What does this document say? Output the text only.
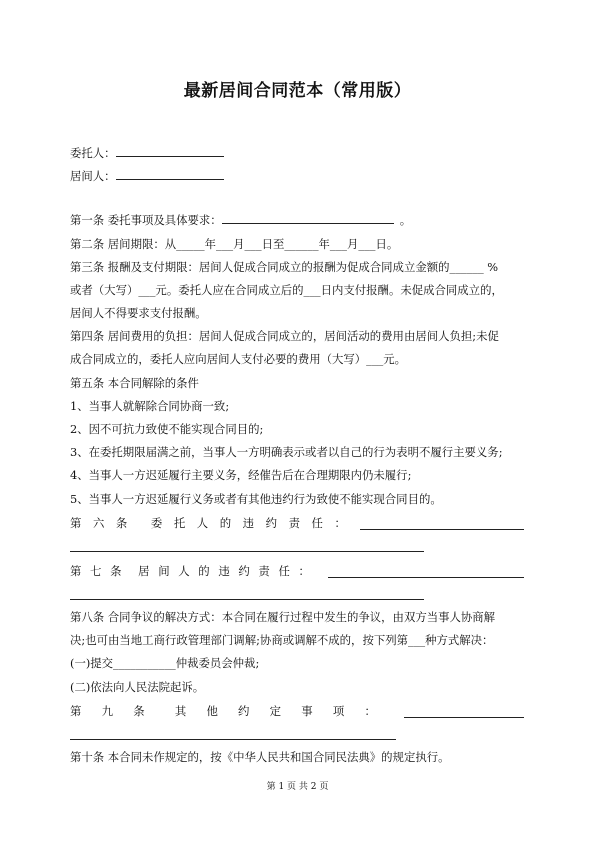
最新居间合同范本（常用版）
委托人：
居间人：
第一条 委托事项及具体要求：	。
第二条 居间期限：从_____年___月___日至______年___月___日。
第三条 报酬及支付期限：居间人促成合同成立的报酬为促成合同成立金额的______ %
或者（大写）___元。委托人应在合同成立后的___日内支付报酬。未促成合同成立的，
居间人不得要求支付报酬。
第四条 居间费用的负担：居间人促成合同成立的，居间活动的费用由居间人负担;未促
成合同成立的，委托人应向居间人支付必要的费用（大写）___元。
第五条 本合同解除的条件
1、当事人就解除合同协商一致;
2、因不可抗力致使不能实现合同目的;
3、在委托期限届满之前，当事人一方明确表示或者以自己的行为表明不履行主要义务;
4、当事人一方迟延履行主要义务，经催告后在合理期限内仍未履行;
5、当事人一方迟延履行义务或者有其他违约行为致使不能实现合同目的。
第 六 条 委 托 人 的 违 约 责 任 ：
第 七 条 居 间 人 的 违 约 责 任 ：
第八条 合同争议的解决方式：本合同在履行过程中发生的争议，由双方当事人协商解
决;也可由当地工商行政管理部门调解;协商或调解不成的，按下列第___种方式解决：
(一)提交___________仲裁委员会仲裁;
(二)依法向人民法院起诉。
第 九 条	其 他 约 定 事 项 ：
第十条 本合同未作规定的，按《中华人民共和国合同民法典》的规定执行。
第 1 页 共 2 页
